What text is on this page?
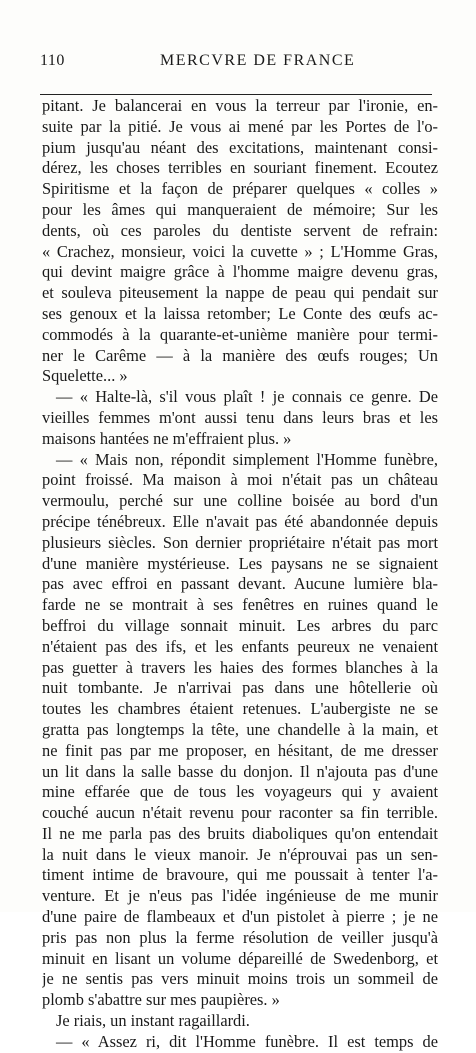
110	MERCVRE DE FRANCE
pitant. Je balancerai en vous la terreur par l'ironie, en-
suite par la pitié. Je vous ai mené par les Portes de l'o-
pium jusqu'au néant des excitations, maintenant consi-
dérez, les choses terribles en souriant finement. Ecoutez
Spiritisme et la façon de préparer quelques « colles »
pour les âmes qui manqueraient de mémoire; Sur les
dents, où ces paroles du dentiste servent de refrain:
« Crachez, monsieur, voici la cuvette » ; L'Homme Gras,
qui devint maigre grâce à l'homme maigre devenu gras,
et souleva piteusement la nappe de peau qui pendait sur
ses genoux et la laissa retomber; Le Conte des œufs ac-
commodés à la quarante-et-unième manière pour termi-
ner le Carême — à la manière des œufs rouges; Un
Squelette... »
— « Halte-là, s'il vous plaît ! je connais ce genre. De
vieilles femmes m'ont aussi tenu dans leurs bras et les
maisons hantées ne m'effraient plus. »
— « Mais non, répondit simplement l'Homme funèbre,
point froissé. Ma maison à moi n'était pas un château
vermoulu, perché sur une colline boisée au bord d'un
précipe ténébreux. Elle n'avait pas été abandonnée depuis
plusieurs siècles. Son dernier propriétaire n'était pas mort
d'une manière mystérieuse. Les paysans ne se signaient
pas avec effroi en passant devant. Aucune lumière bla-
farde ne se montrait à ses fenêtres en ruines quand le
beffroi du village sonnait minuit. Les arbres du parc
n'étaient pas des ifs, et les enfants peureux ne venaient
pas guetter à travers les haies des formes blanches à la
nuit tombante. Je n'arrivai pas dans une hôtellerie où
toutes les chambres étaient retenues. L'aubergiste ne se
gratta pas longtemps la tête, une chandelle à la main, et
ne finit pas par me proposer, en hésitant, de me dresser
un lit dans la salle basse du donjon. Il n'ajouta pas d'une
mine effarée que de tous les voyageurs qui y avaient
couché aucun n'était revenu pour raconter sa fin terrible.
Il ne me parla pas des bruits diaboliques qu'on entendait
la nuit dans le vieux manoir. Je n'éprouvai pas un sen-
timent intime de bravoure, qui me poussait à tenter l'a-
venture. Et je n'eus pas l'idée ingénieuse de me munir
d'une paire de flambeaux et d'un pistolet à pierre ; je ne
pris pas non plus la ferme résolution de veiller jusqu'à
minuit en lisant un volume dépareillé de Swedenborg, et
je ne sentis pas vers minuit moins trois un sommeil de
plomb s'abattre sur mes paupières. »
Je riais, un instant ragaillardi.
— « Assez ri, dit l'Homme funèbre. Il est temps de
